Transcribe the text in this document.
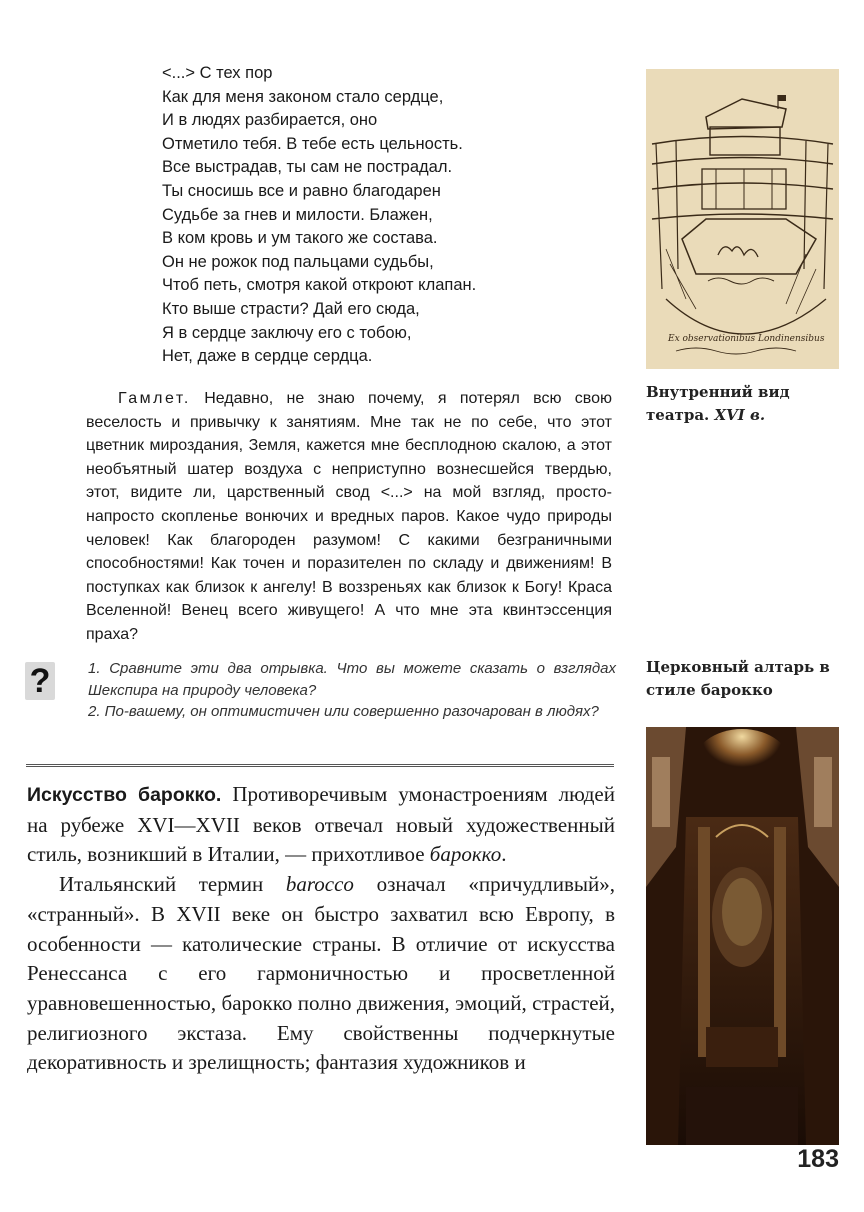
<...> С тех пор
Как для меня законом стало сердце,
И в людях разбирается, оно
Отметило тебя. В тебе есть цельность.
Все выстрадав, ты сам не пострадал.
Ты сносишь все и равно благодарен
Судьбе за гнев и милости. Блажен,
В ком кровь и ум такого же состава.
Он не рожок под пальцами судьбы,
Чтоб петь, смотря какой откроют клапан.
Кто выше страсти? Дай его сюда,
Я в сердце заключу его с тобою,
Нет, даже в сердце сердца.

Гамлет. Недавно, не знаю почему, я потерял всю свою веселость и привычку к занятиям. Мне так не по себе, что этот цветник мироздания, Земля, кажется мне бесплодною скалою, а этот необъятный шатер воздуха с неприступно вознесшейся твердью, этот, видите ли, царственный свод <...> на мой взгляд, просто-напросто скопленье вонючих и вредных паров. Какое чудо природы человек! Как благороден разумом! С какими безграничными способностями! Как точен и поразителен по складу и движениям! В поступках как близок к ангелу! В воззреньях как близок к Богу! Краса Вселенной! Венец всего живущего! А что мне эта квинтэссенция праха?

?	1. Сравните эти два отрывка. Что вы можете сказать о взглядах Шекспира на природу человека?
2. По-вашему, он оптимистичен или совершенно разочарован в людях?

Искусство барокко. Противоречивым умонастроениям людей на рубеже XVI—XVII веков отвечал новый художественный стиль, возникший в Италии, — прихотливое барокко.

Итальянский термин barocco означал «причудливый», «странный». В XVII веке он быстро захватил всю Европу, в особенности — католические страны. В отличие от искусства Ренессанса с его гармоничностью и просветленной уравновешенностью, барокко полно движения, эмоций, страстей, религиозного экстаза. Ему свойственны подчеркнутые декоративность и зрелищность; фантазия художников и

Ex observationibus Londinensibus
Внутренний вид театра. XVI в.
Церковный алтарь в стиле барокко
183
